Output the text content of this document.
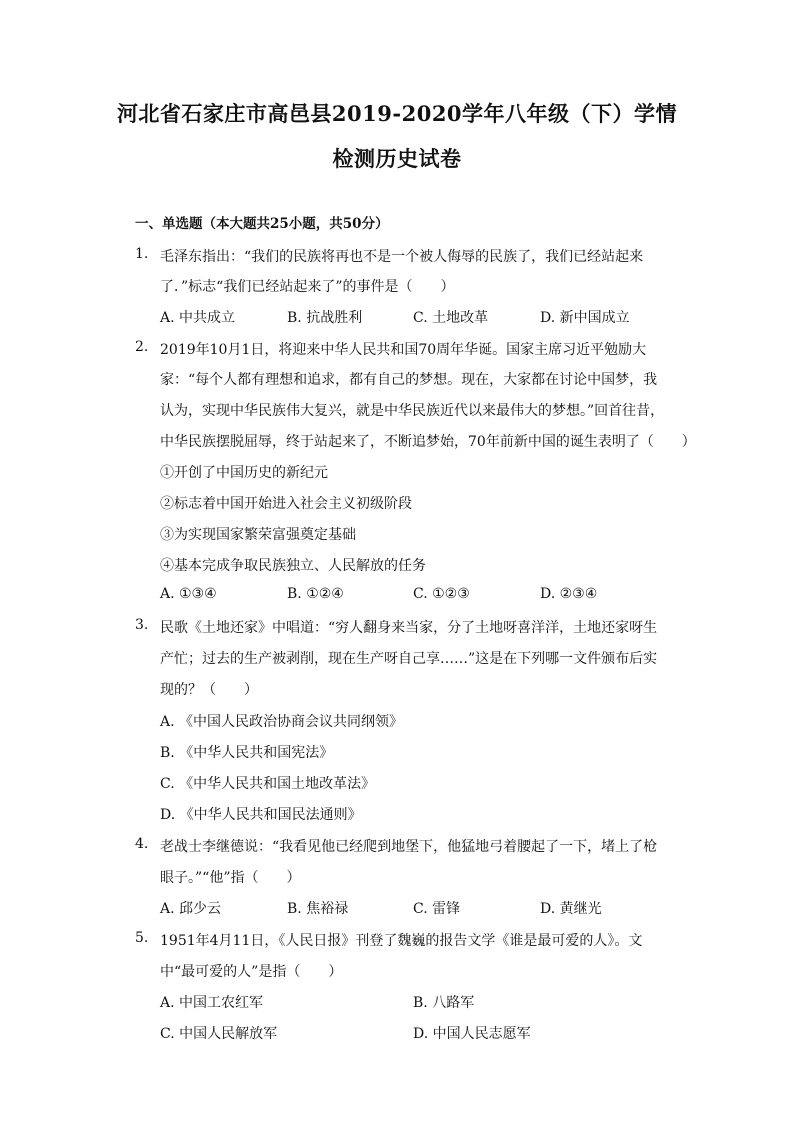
河北省石家庄市高邑县2019-2020学年八年级（下）学情
检测历史试卷
一、单选题（本大题共25小题，共50分）
1. 毛泽东指出：“我们的民族将再也不是一个被人侮辱的民族了，我们已经站起来
了．”标志“我们已经站起来了”的事件是（　　）
A. 中共成立	B. 抗战胜利	C. 土地改革	D. 新中国成立
2. 2019年10月1日，将迎来中华人民共和国70周年华诞。国家主席习近平勉励大
家：“每个人都有理想和追求，都有自己的梦想。现在，大家都在讨论中国梦，我
认为，实现中华民族伟大复兴，就是中华民族近代以来最伟大的梦想。”回首往昔，
中华民族摆脱屈辱，终于站起来了，不断追梦始，70年前新中国的诞生表明了（　　）
①开创了中国历史的新纪元
②标志着中国开始进入社会主义初级阶段
③为实现国家繁荣富强奠定基础
④基本完成争取民族独立、人民解放的任务
A. ①③④	B. ①②④	C. ①②③	D. ②③④
3. 民歌《土地还家》中唱道：“穷人翻身来当家，分了土地呀喜洋洋，土地还家呀生
产忙；过去的生产被剥削，现在生产呀自己享……”这是在下列哪一文件颁布后实
现的？（　　）
A. 《中国人民政治协商会议共同纲领》
B. 《中华人民共和国宪法》
C. 《中华人民共和国土地改革法》
D. 《中华人民共和国民法通则》
4. 老战士李继德说：“我看见他已经爬到地堡下，他猛地弓着腰起了一下，堵上了枪
眼子。”“他”指（　　）
A. 邱少云	B. 焦裕禄	C. 雷锋	D. 黄继光
5. 1951年4月11日，《人民日报》刊登了魏巍的报告文学《谁是最可爱的人》。文
中“最可爱的人”是指（　　）
A. 中国工农红军	B. 八路军
C. 中国人民解放军	D. 中国人民志愿军
